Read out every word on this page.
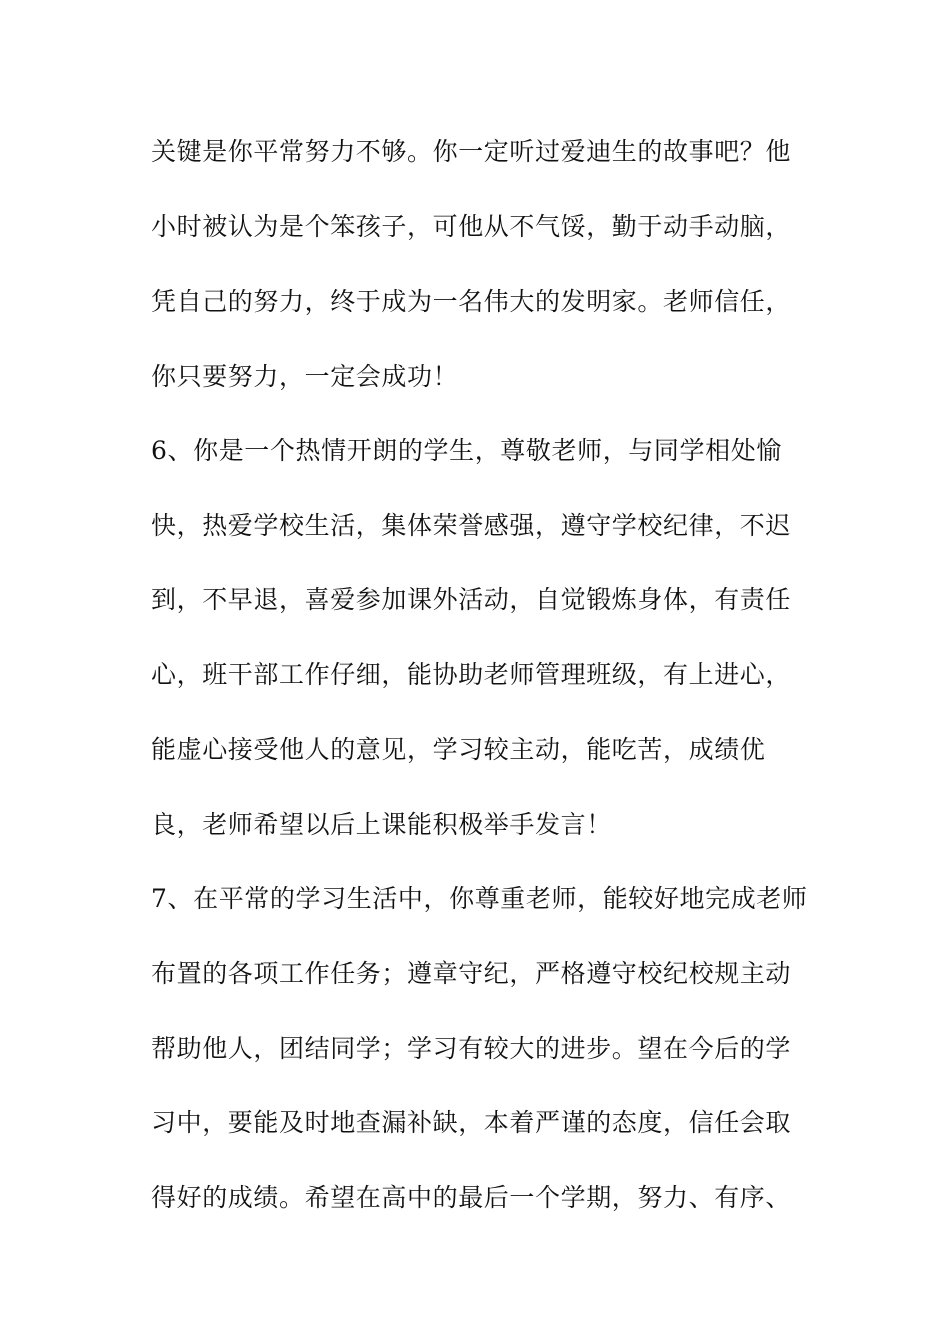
关键是你平常努力不够。你一定听过爱迪生的故事吧？他
小时被认为是个笨孩子，可他从不气馁，勤于动手动脑，
凭自己的努力，终于成为一名伟大的发明家。老师信任，
你只要努力，一定会成功！
6、你是一个热情开朗的学生，尊敬老师，与同学相处愉
快，热爱学校生活，集体荣誉感强，遵守学校纪律，不迟
到，不早退，喜爱参加课外活动，自觉锻炼身体，有责任
心，班干部工作仔细，能协助老师管理班级，有上进心，
能虚心接受他人的意见，学习较主动，能吃苦，成绩优
良，老师希望以后上课能积极举手发言！
7、在平常的学习生活中，你尊重老师，能较好地完成老师
布置的各项工作任务；遵章守纪，严格遵守校纪校规主动
帮助他人，团结同学；学习有较大的进步。望在今后的学
习中，要能及时地查漏补缺，本着严谨的态度，信任会取
得好的成绩。希望在高中的最后一个学期，努力、有序、
